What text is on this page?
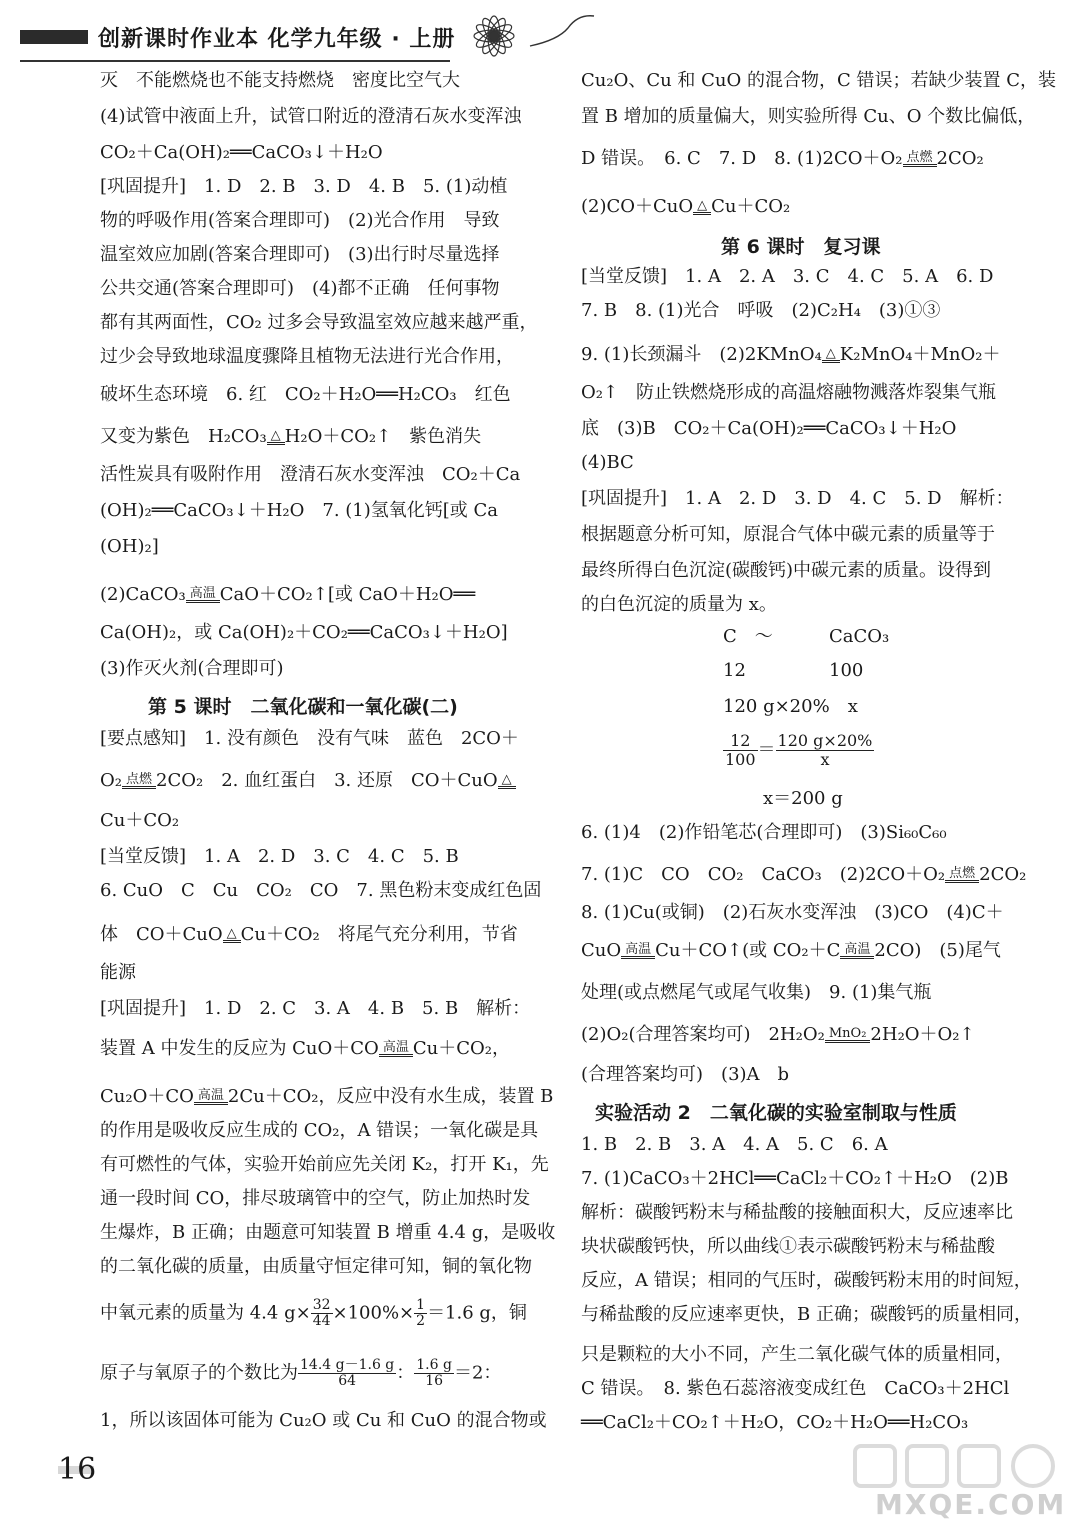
创新课时作业本 化学九年级 · 上册
灭　不能燃烧也不能支持燃烧　密度比空气大
(4)试管中液面上升，试管口附近的澄清石灰水变浑浊
CO₂＋Ca(OH)₂══CaCO₃↓＋H₂O
[巩固提升]　1. D　2. B　3. D　4. B　5. (1)动植
物的呼吸作用(答案合理即可)　(2)光合作用　导致
温室效应加剧(答案合理即可)　(3)出行时尽量选择
公共交通(答案合理即可)　(4)都不正确　任何事物
都有其两面性，CO₂ 过多会导致温室效应越来越严重，
过少会导致地球温度骤降且植物无法进行光合作用，
破坏生态环境　6. 红　CO₂＋H₂O══H₂CO₃　红色
又变为紫色　H₂CO₃ △ H₂O＋CO₂↑　紫色消失
活性炭具有吸附作用　澄清石灰水变浑浊　CO₂＋Ca
(OH)₂══CaCO₃↓＋H₂O　7. (1)氢氧化钙[或 Ca
(OH)₂]
(2)CaCO₃ 高温 CaO＋CO₂↑[或 CaO＋H₂O══
Ca(OH)₂，或 Ca(OH)₂＋CO₂══CaCO₃↓＋H₂O]
(3)作灭火剂(合理即可)
第 5 课时　二氧化碳和一氧化碳(二)
[要点感知]　1. 没有颜色　没有气味　蓝色　2CO＋
O₂ 点燃 2CO₂　2. 血红蛋白　3. 还原　CO＋CuO △
Cu＋CO₂
[当堂反馈]　1. A　2. D　3. C　4. C　5. B
6. CuO　C　Cu　CO₂　CO　7. 黑色粉末变成红色固
体　CO＋CuO △ Cu＋CO₂　将尾气充分利用，节省
能源
[巩固提升]　1. D　2. C　3. A　4. B　5. B　解析：
装置 A 中发生的反应为 CuO＋CO 高温 Cu＋CO₂，
Cu₂O＋CO 高温 2Cu＋CO₂，反应中没有水生成，装置 B
的作用是吸收反应生成的 CO₂，A 错误；一氧化碳是具
有可燃性的气体，实验开始前应先关闭 K₂，打开 K₁，先
通一段时间 CO，排尽玻璃管中的空气，防止加热时发
生爆炸，B 正确；由题意可知装置 B 增重 4.4 g，是吸收
的二氧化碳的质量，由质量守恒定律可知，铜的氧化物
中氧元素的质量为 4.4 $g\times \frac{32}{44} \times 100\%\times \frac{1}{2} =1.6$ g，铜
原子与氧原子的个数比为 $\frac{14.4 g-1.6 g}{64}$ ： $\frac{1.6 g}{16} =2$：
1，所以该固体可能为 Cu₂O 或 Cu 和 CuO 的混合物或
Cu₂O、Cu 和 CuO 的混合物，C 错误；若缺少装置 C，装
置 B 增加的质量偏大，则实验所得 Cu、O 个数比偏低，
D 错误。　6. C　7. D　8. (1)2CO＋O₂ 点燃 2CO₂
(2)CO＋CuO △ Cu＋CO₂
第 6 课时　复习课
[当堂反馈]　1. A　2. A　3. C　4. C　5. A　6. D
7. B　8. (1)光合　呼吸　(2)C₂H₄　(3)①③
9. (1)长颈漏斗　(2)2KMnO₄ △ K₂MnO₄＋MnO₂＋
O₂↑　防止铁燃烧形成的高温熔融物溅落炸裂集气瓶
底　(3)B　CO₂＋Ca(OH)₂══CaCO₃↓＋H₂O
(4)BC
[巩固提升]　1. A　2. D　3. D　4. C　5. D　解析：
根据题意分析可知，原混合气体中碳元素的质量等于
最终所得白色沉淀(碳酸钙)中碳元素的质量。设得到
的白色沉淀的质量为 x。
C　～	CaCO₃
12	100
120 g×20%　x
$\frac{12}{100} = \frac{120 g\times 20\%}{x}$
x＝200 g
6. (1)4　(2)作铅笔芯(合理即可)　(3)Si₆₀C₆₀
7. (1)C　CO　CO₂　CaCO₃　(2)2CO＋O₂ 点燃 2CO₂
8. (1)Cu(或铜)　(2)石灰水变浑浊　(3)CO　(4)C＋
CuO 高温 Cu＋CO↑(或 CO₂＋C 高温 2CO)　(5)尾气
处理(或点燃尾气或尾气收集)　9. (1)集气瓶
(2)O₂(合理答案均可)　2H₂O₂ MnO₂ 2H₂O＋O₂↑
(合理答案均可)　(3)A　b
实验活动 2　二氧化碳的实验室制取与性质
1. B　2. B　3. A　4. A　5. C　6. A
7. (1)CaCO₃＋2HCl══CaCl₂＋CO₂↑＋H₂O　(2)B
解析：碳酸钙粉末与稀盐酸的接触面积大，反应速率比
块状碳酸钙快，所以曲线①表示碳酸钙粉末与稀盐酸
反应，A 错误；相同的气压时，碳酸钙粉末用的时间短，
与稀盐酸的反应速率更快，B 正确；碳酸钙的质量相同，
只是颗粒的大小不同，产生二氧化碳气体的质量相同，
C 错误。　8. 紫色石蕊溶液变成红色　CaCO₃＋2HCl
══CaCl₂＋CO₂↑＋H₂O，CO₂＋H₂O══H₂CO₃
16
MXQE.COM
